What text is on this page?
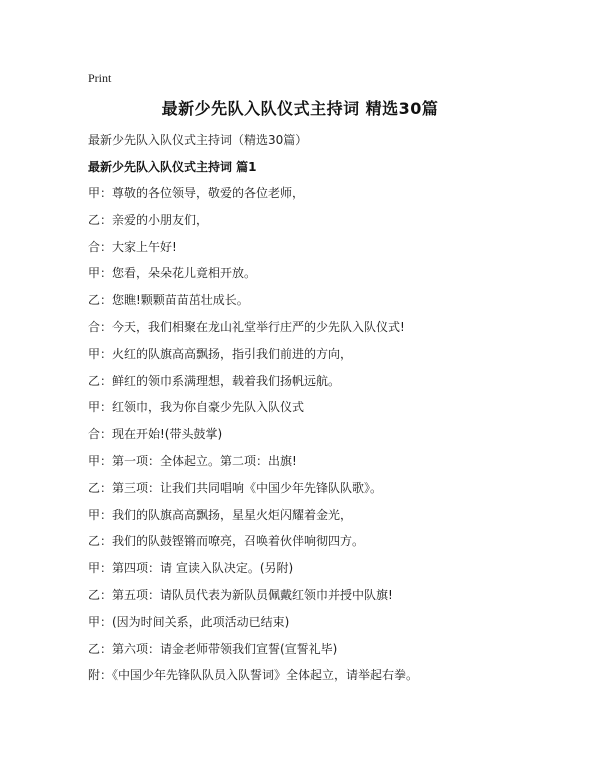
Print
最新少先队入队仪式主持词 精选30篇

最新少先队入队仪式主持词（精选30篇）

最新少先队入队仪式主持词 篇1
甲：尊敬的各位领导，敬爱的各位老师，
乙：亲爱的小朋友们，
合：大家上午好!
甲：您看，朵朵花儿竟相开放。
乙：您瞧!颗颗苗苗茁壮成长。
合：今天，我们相聚在龙山礼堂举行庄严的少先队入队仪式!
甲：火红的队旗高高飘扬，指引我们前进的方向，
乙：鲜红的领巾系满理想，载着我们扬帆远航。
甲：红领巾，我为你自豪少先队入队仪式
合：现在开始!(带头鼓掌)
甲：第一项：全体起立。第二项：出旗!
乙：第三项：让我们共同唱响《中国少年先锋队队歌》。
甲：我们的队旗高高飘扬，星星火炬闪耀着金光，
乙：我们的队鼓铿锵而嘹亮，召唤着伙伴响彻四方。
甲：第四项：请 宣读入队决定。(另附)
乙：第五项：请队员代表为新队员佩戴红领巾并授中队旗!
甲：(因为时间关系，此项活动已结束)
乙：第六项：请金老师带领我们宣誓(宣誓礼毕)
附：《中国少年先锋队队员入队誓词》全体起立，请举起右拳。
